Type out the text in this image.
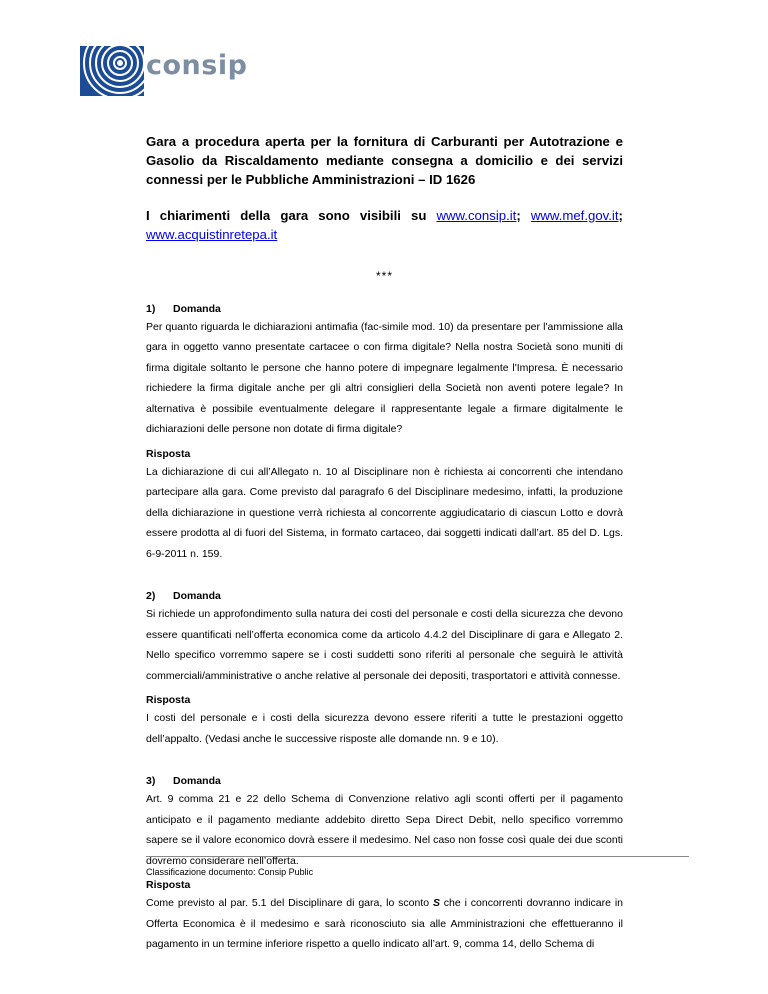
consip

Gara a procedura aperta per la fornitura di Carburanti per Autotrazione e Gasolio da Riscaldamento mediante consegna a domicilio e dei servizi connessi per le Pubbliche Amministrazioni – ID 1626

I chiarimenti della gara sono visibili su www.consip.it; www.mef.gov.it;

www.acquistinretepa.it

***
1)	Domanda

Per quanto riguarda le dichiarazioni antimafia (fac-simile mod. 10) da presentare per l'ammissione alla gara in oggetto vanno presentate cartacee o con firma digitale? Nella nostra Società sono muniti di firma digitale soltanto le persone che hanno potere di impegnare legalmente l'Impresa. È necessario richiedere la firma digitale anche per gli altri consiglieri della Società non aventi potere legale? In alternativa è possibile eventualmente delegare il rappresentante legale a firmare digitalmente le dichiarazioni delle persone non dotate di firma digitale?

Risposta

La dichiarazione di cui all’Allegato n. 10 al Disciplinare non è richiesta ai concorrenti che intendano partecipare alla gara. Come previsto dal paragrafo 6 del Disciplinare medesimo, infatti, la produzione della dichiarazione in questione verrà richiesta al concorrente aggiudicatario di ciascun Lotto e dovrà essere prodotta al di fuori del Sistema, in formato cartaceo, dai soggetti indicati dall’art. 85 del D. Lgs. 6-9-2011 n. 159.

2)	Domanda

Si richiede un approfondimento sulla natura dei costi del personale e costi della sicurezza che devono essere quantificati nell’offerta economica come da articolo 4.4.2 del Disciplinare di gara e Allegato 2. Nello specifico vorremmo sapere se i costi suddetti sono riferiti al personale che seguirà le attività commerciali/amministrative o anche relative al personale dei depositi, trasportatori e attività connesse.

Risposta

I costi del personale e i costi della sicurezza devono essere riferiti a tutte le prestazioni oggetto dell’appalto. (Vedasi anche le successive risposte alle domande nn. 9 e 10).

3)	Domanda

Art. 9 comma 21 e 22 dello Schema di Convenzione relativo agli sconti offerti per il pagamento anticipato e il pagamento mediante addebito diretto Sepa Direct Debit, nello specifico vorremmo sapere se il valore economico dovrà essere il medesimo. Nel caso non fosse così quale dei due sconti dovremo considerare nell’offerta.

Risposta

Come previsto al par. 5.1 del Disciplinare di gara, lo sconto S che i concorrenti dovranno indicare in Offerta Economica è il medesimo e sarà riconosciuto sia alle Amministrazioni che effettueranno il pagamento in un termine inferiore rispetto a quello indicato all’art. 9, comma 14, dello Schema di

Classificazione documento: Consip Public
